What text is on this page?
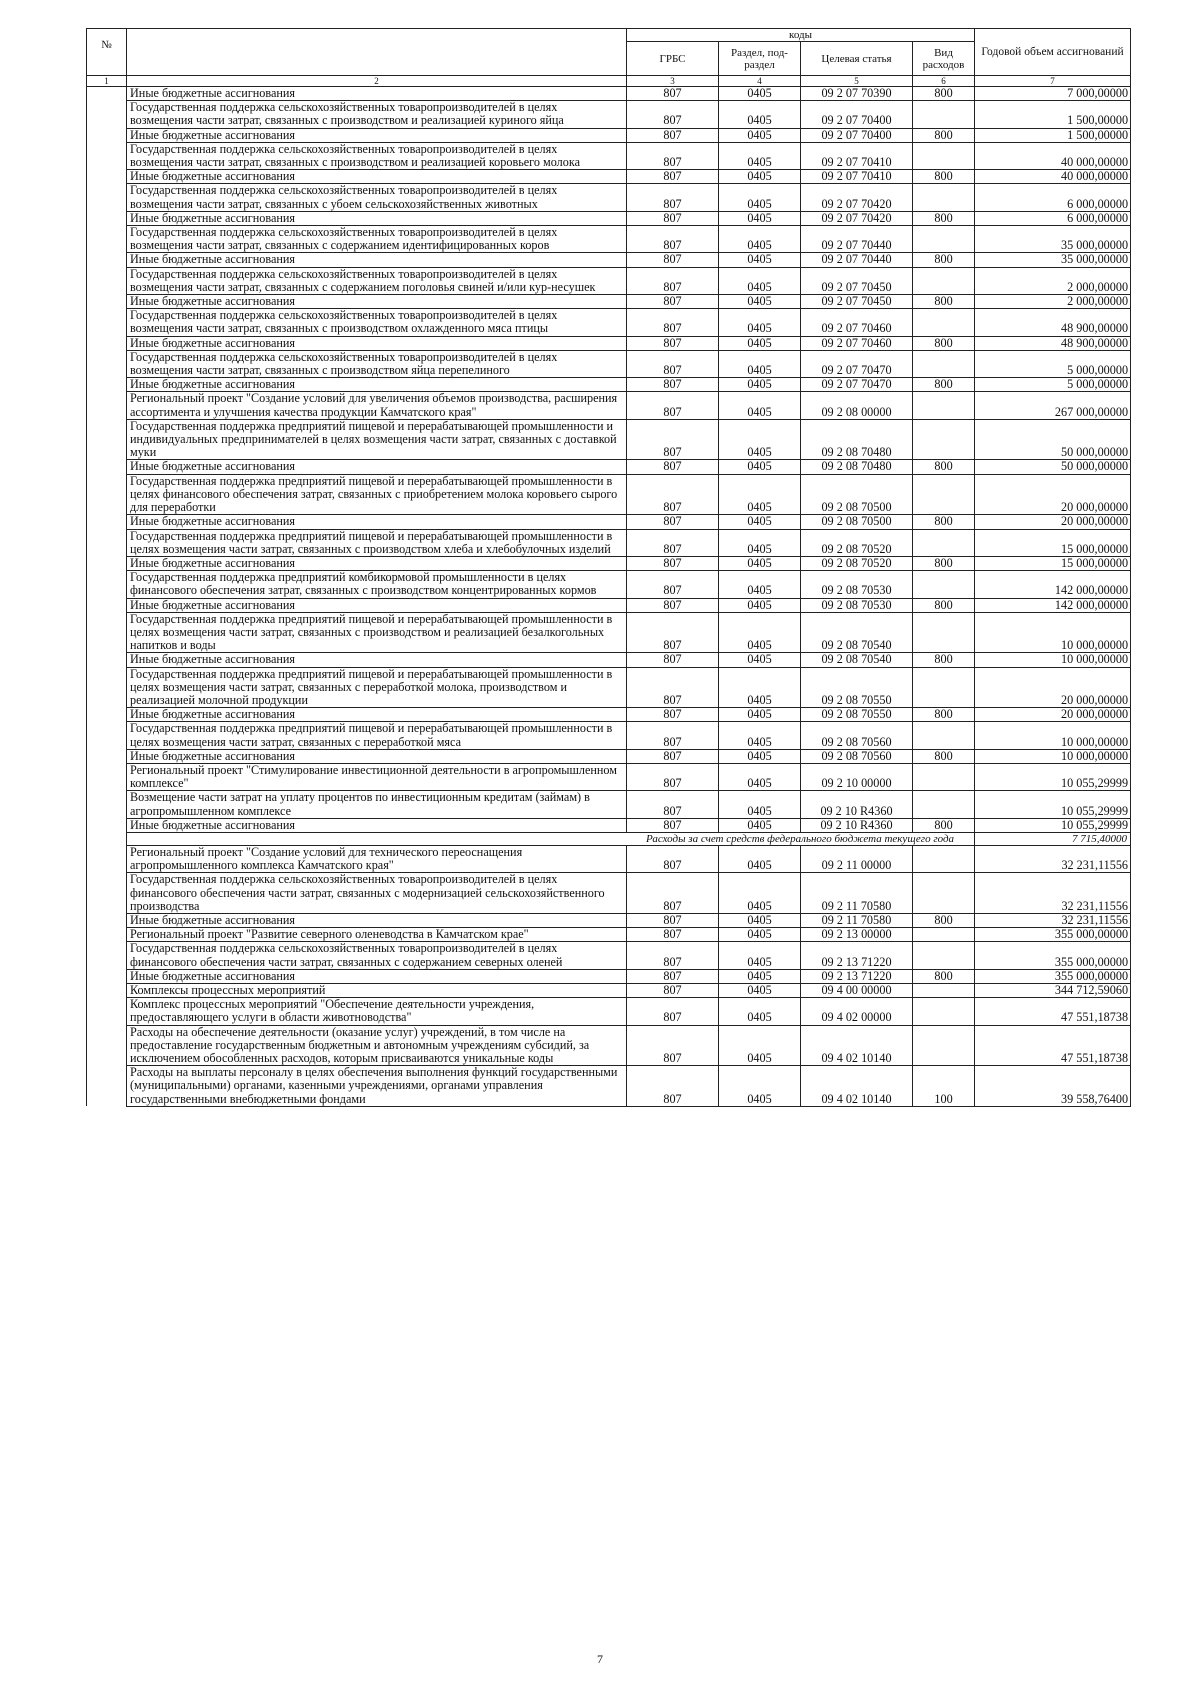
№		коды				Годовой объем ассигнований
		ГРБС	Раздел, под-раздел	Целевая статья	Вид расходов	
1	2	3	4	5	6	7
	Иные бюджетные ассигнования	807	0405	09 2 07 70390	800	7 000,00000
	Государственная поддержка сельскохозяйственных товаропроизводителей в целях возмещения части затрат, связанных с производством и реализацией куриного яйца	807	0405	09 2 07 70400		1 500,00000
	Иные бюджетные ассигнования	807	0405	09 2 07 70400	800	1 500,00000
	Государственная поддержка сельскохозяйственных товаропроизводителей в целях возмещения части затрат, связанных с производством и реализацией коровьего молока	807	0405	09 2 07 70410		40 000,00000
	Иные бюджетные ассигнования	807	0405	09 2 07 70410	800	40 000,00000
	Государственная поддержка сельскохозяйственных товаропроизводителей в целях возмещения части затрат, связанных с убоем сельскохозяйственных животных	807	0405	09 2 07 70420		6 000,00000
	Иные бюджетные ассигнования	807	0405	09 2 07 70420	800	6 000,00000
	Государственная поддержка сельскохозяйственных товаропроизводителей в целях возмещения части затрат, связанных с содержанием идентифицированных коров	807	0405	09 2 07 70440		35 000,00000
	Иные бюджетные ассигнования	807	0405	09 2 07 70440	800	35 000,00000
	Государственная поддержка сельскохозяйственных товаропроизводителей в целях возмещения части затрат, связанных с содержанием поголовья свиней и/или кур-несушек	807	0405	09 2 07 70450		2 000,00000
	Иные бюджетные ассигнования	807	0405	09 2 07 70450	800	2 000,00000
	Государственная поддержка сельскохозяйственных товаропроизводителей в целях возмещения части затрат, связанных с производством охлажденного мяса птицы	807	0405	09 2 07 70460		48 900,00000
	Иные бюджетные ассигнования	807	0405	09 2 07 70460	800	48 900,00000
	Государственная поддержка сельскохозяйственных товаропроизводителей в целях возмещения части затрат, связанных с производством яйца перепелиного	807	0405	09 2 07 70470		5 000,00000
	Иные бюджетные ассигнования	807	0405	09 2 07 70470	800	5 000,00000
	Региональный проект "Создание условий для увеличения объемов производства, расширения ассортимента и улучшения качества продукции Камчатского края"	807	0405	09 2 08 00000		267 000,00000
	Государственная поддержка предприятий пищевой и перерабатывающей промышленности и индивидуальных предпринимателей в целях возмещения части затрат, связанных с доставкой муки	807	0405	09 2 08 70480		50 000,00000
	Иные бюджетные ассигнования	807	0405	09 2 08 70480	800	50 000,00000
	Государственная поддержка предприятий пищевой и перерабатывающей промышленности в целях финансового обеспечения затрат, связанных с приобретением молока коровьего сырого для переработки	807	0405	09 2 08 70500		20 000,00000
	Иные бюджетные ассигнования	807	0405	09 2 08 70500	800	20 000,00000
	Государственная поддержка предприятий пищевой и перерабатывающей промышленности в целях возмещения части затрат, связанных с производством хлеба и хлебобулочных изделий	807	0405	09 2 08 70520		15 000,00000
	Иные бюджетные ассигнования	807	0405	09 2 08 70520	800	15 000,00000
	Государственная поддержка предприятий комбикормовой промышленности в целях финансового обеспечения затрат, связанных с производством концентрированных кормов	807	0405	09 2 08 70530		142 000,00000
	Иные бюджетные ассигнования	807	0405	09 2 08 70530	800	142 000,00000
	Государственная поддержка предприятий пищевой и перерабатывающей промышленности в целях возмещения части затрат, связанных с производством и реализацией безалкогольных напитков и воды	807	0405	09 2 08 70540		10 000,00000
	Иные бюджетные ассигнования	807	0405	09 2 08 70540	800	10 000,00000
	Государственная поддержка предприятий пищевой и перерабатывающей промышленности в целях возмещения части затрат, связанных с переработкой молока, производством и реализацией молочной продукции	807	0405	09 2 08 70550		20 000,00000
	Иные бюджетные ассигнования	807	0405	09 2 08 70550	800	20 000,00000
	Государственная поддержка предприятий пищевой и перерабатывающей промышленности в целях возмещения части затрат, связанных с переработкой мяса	807	0405	09 2 08 70560		10 000,00000
	Иные бюджетные ассигнования	807	0405	09 2 08 70560	800	10 000,00000
	Региональный проект "Стимулирование инвестиционной деятельности в агропромышленном комплексе"	807	0405	09 2 10 00000		10 055,29999
	Возмещение части затрат на уплату процентов по инвестиционным кредитам (займам) в агропромышленном комплексе	807	0405	09 2 10 R4360		10 055,29999
	Иные бюджетные ассигнования	807	0405	09 2 10 R4360	800	10 055,29999
	Расходы за счет средств федерального бюджета текущего года					7 715,40000
	Региональный проект "Создание условий для технического переоснащения агропромышленного комплекса Камчатского края"	807	0405	09 2 11 00000		32 231,11556
	Государственная поддержка сельскохозяйственных товаропроизводителей в целях финансового обеспечения части затрат, связанных с модернизацией сельскохозяйственного производства	807	0405	09 2 11 70580		32 231,11556
	Иные бюджетные ассигнования	807	0405	09 2 11 70580	800	32 231,11556
	Региональный проект "Развитие северного оленеводства в Камчатском крае"	807	0405	09 2 13 00000		355 000,00000
	Государственная поддержка сельскохозяйственных товаропроизводителей в целях финансового обеспечения части затрат, связанных с содержанием северных оленей	807	0405	09 2 13 71220		355 000,00000
	Иные бюджетные ассигнования	807	0405	09 2 13 71220	800	355 000,00000
	Комплексы процессных мероприятий	807	0405	09 4 00 00000		344 712,59060
	Комплекс процессных мероприятий "Обеспечение деятельности учреждения, предоставляющего услуги в области животноводства"	807	0405	09 4 02 00000		47 551,18738
	Расходы на обеспечение деятельности (оказание услуг) учреждений, в том числе на предоставление государственным бюджетным и автономным учреждениям субсидий, за исключением обособленных расходов, которым присваиваются уникальные коды	807	0405	09 4 02 10140		47 551,18738
	Расходы на выплаты персоналу в целях обеспечения выполнения функций государственными (муниципальными) органами, казенными учреждениями, органами управления государственными внебюджетными фондами	807	0405	09 4 02 10140	100	39 558,76400
7
